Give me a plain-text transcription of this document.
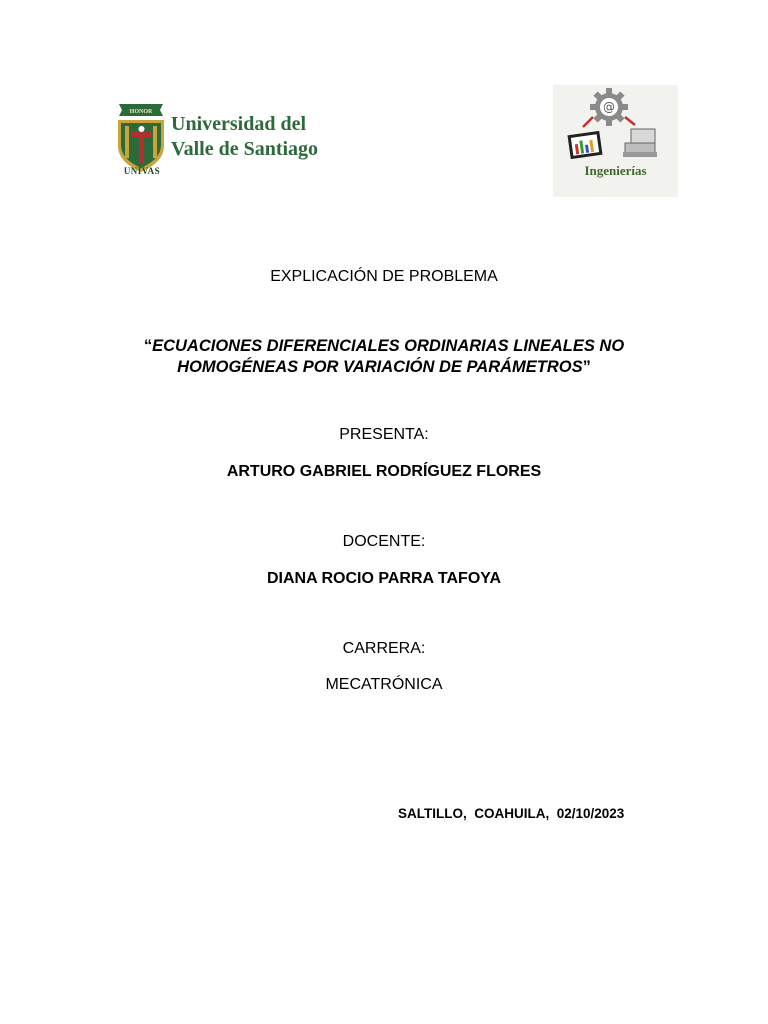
HONOR
UNIVAS
Universidad del
Valle de Santiago
@
Ingenierías
EXPLICACIÓN DE PROBLEMA
“ECUACIONES DIFERENCIALES ORDINARIAS LINEALES NO
HOMOGÉNEAS POR VARIACIÓN DE PARÁMETROS”
PRESENTA:
ARTURO GABRIEL RODRÍGUEZ FLORES
DOCENTE:
DIANA ROCIO PARRA TAFOYA
CARRERA:
MECATRÓNICA
SALTILLO,  COAHUILA,  02/10/2023
